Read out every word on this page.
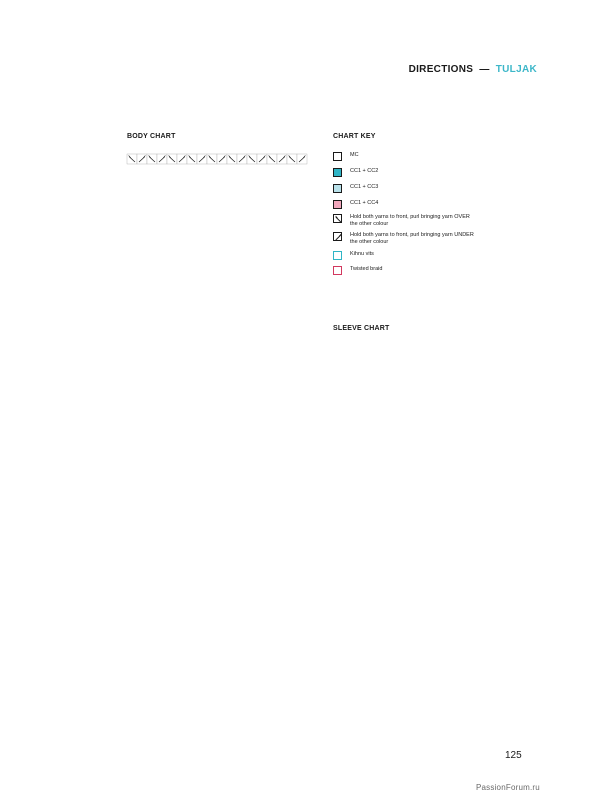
DIRECTIONS — TULJAK
BODY CHART	CHART KEY
SLEEVE CHART
MC
CC1 + CC2
CC1 + CC3
CC1 + CC4
Hold both yarns to front, purl bringing yarn OVER the other colour
Hold both yarns to front, purl bringing yarn UNDER the other colour
Kihnu vits
Twisted braid
125
PassionForum.ru
